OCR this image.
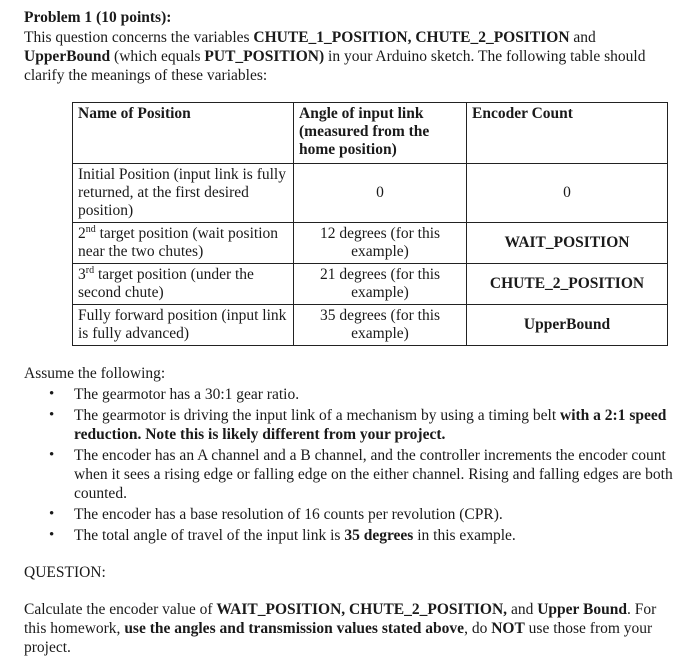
Problem 1 (10 points):

This question concerns the variables CHUTE_1_POSITION, CHUTE_2_POSITION and UpperBound (which equals PUT_POSITION) in your Arduino sketch. The following table should clarify the meanings of these variables:

Assume the following:

• The gearmotor has a 30:1 gear ratio.
• The gearmotor is driving the input link of a mechanism by using a timing belt with a 2:1 speed reduction. Note this is likely different from your project.
• The encoder has an A channel and a B channel, and the controller increments the encoder count when it sees a rising edge or falling edge on the either channel. Rising and falling edges are both counted.
• The encoder has a base resolution of 16 counts per revolution (CPR).
• The total angle of travel of the input link is 35 degrees in this example.

QUESTION:

Calculate the encoder value of WAIT_POSITION, CHUTE_2_POSITION, and Upper Bound. For this homework, use the angles and transmission values stated above, do NOT use those from your project.

Name of Position	Angle of input link (measured from the home position)	Encoder Count
Initial Position (input link is fully returned, at the first desired position)	0	0
2nd target position (wait position near the two chutes)	12 degrees (for this example)	WAIT_POSITION
3rd target position (under the second chute)	21 degrees (for this example)	CHUTE_2_POSITION
Fully forward position (input link is fully advanced)	35 degrees (for this example)	UpperBound
